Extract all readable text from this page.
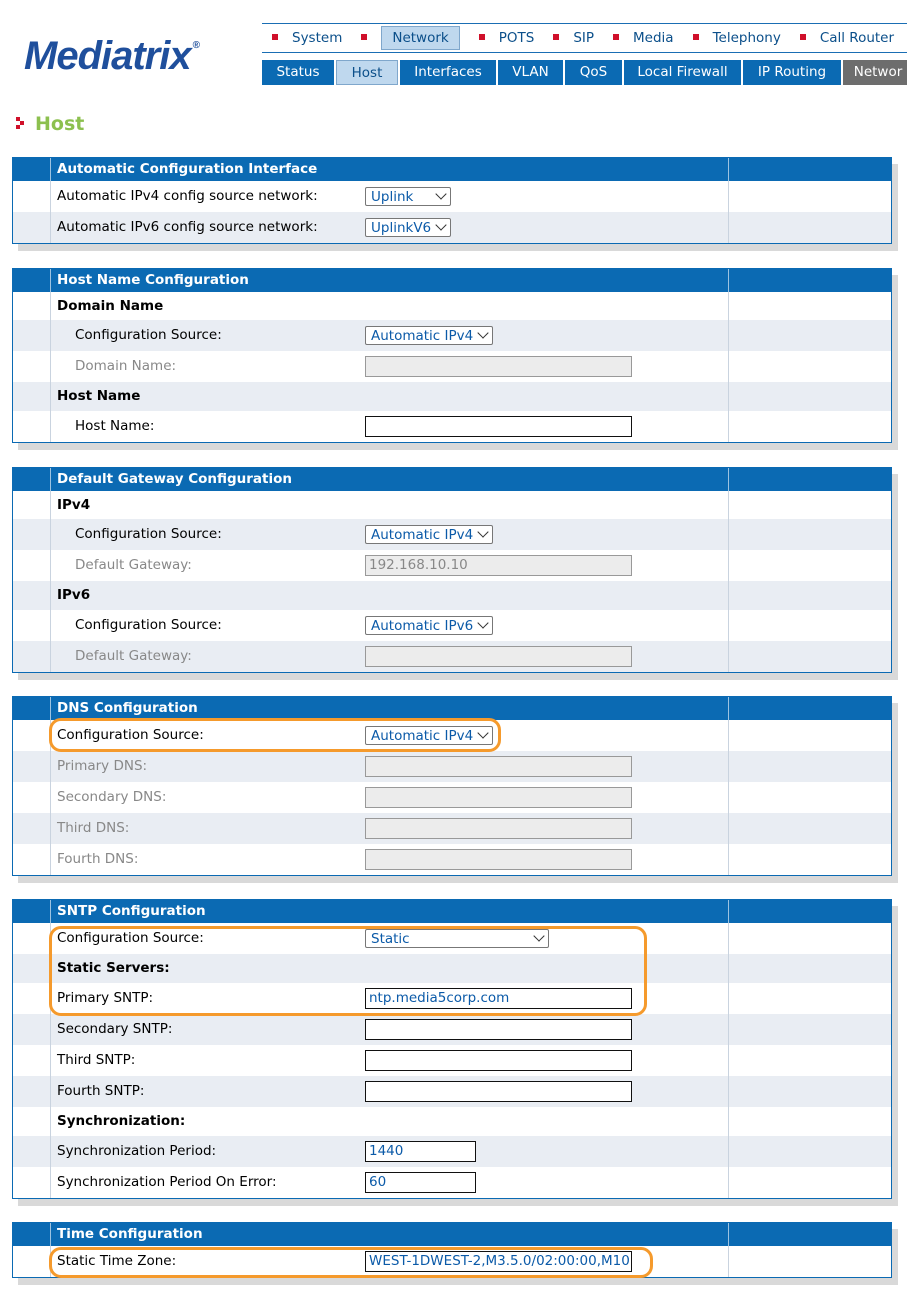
Mediatrix ®	System	Network	POTS	SIP	Media	Telephony	Call Router
Status Host Interfaces VLAN QoS Local Firewall IP Routing Networ
Host
Automatic Configuration Interface
Automatic IPv4 config source network:	Uplink
Automatic IPv6 config source network:	UplinkV6
Host Name Configuration
Domain Name
Configuration Source:	Automatic IPv4
Domain Name:
Host Name
Host Name:
Default Gateway Configuration
IPv4
Configuration Source:	Automatic IPv4
Default Gateway:	192.168.10.10
IPv6
Configuration Source:	Automatic IPv6
Default Gateway:
DNS Configuration
Configuration Source:	Automatic IPv4
Primary DNS:
Secondary DNS:
Third DNS:
Fourth DNS:
SNTP Configuration
Configuration Source:	Static
Static Servers:
Primary SNTP:	ntp.media5corp.com
Secondary SNTP:
Third SNTP:
Fourth SNTP:
Synchronization:
Synchronization Period:	1440
Synchronization Period On Error:	60
Time Configuration
Static Time Zone:	WEST-1DWEST-2,M3.5.0/02:00:00,M10
